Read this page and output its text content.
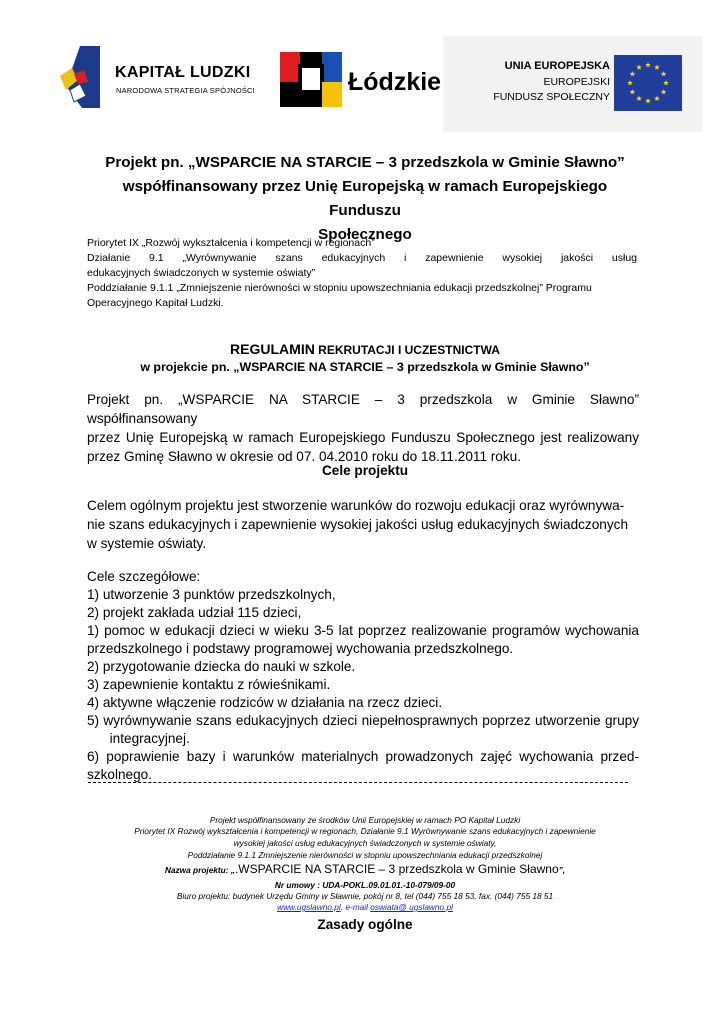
KAPITAŁ LUDZKI
NARODOWA STRATEGIA SPÓJNOŚCI	Łódzkie
UNIA EUROPEJSKA
EUROPEJSKI
FUNDUSZ SPOŁECZNY
Projekt pn. „WSPARCIE NA STARCIE – 3 przedszkola w Gminie Sławno”
współfinansowany przez Unię Europejską w ramach Europejskiego Funduszu
Społecznego
Priorytet IX „Rozwój wykształcenia i kompetencji w regionach”
Działanie 9.1 „Wyrównywanie szans edukacyjnych i zapewnienie wysokiej jakości usług
edukacyjnych świadczonych w systemie oświaty”
Poddziałanie 9.1.1 „Zmniejszenie nierówności w stopniu upowszechniania edukacji przedszkolnej” Programu
Operacyjnego Kapitał Ludzki.
REGULAMIN REKRUTACJI I UCZESTNICTWA
w projekcie pn. „WSPARCIE NA STARCIE – 3 przedszkola w Gminie Sławno”
Projekt pn. „WSPARCIE NA STARCIE – 3 przedszkola w Gminie Sławno” współfinansowany
przez Unię Europejską w ramach Europejskiego Funduszu Społecznego jest realizowany
przez Gminę Sławno w okresie od 07. 04.2010 roku do 18.11.2011 roku.
Cele projektu
Celem ogólnym projektu jest stworzenie warunków do rozwoju edukacji oraz wyrównywa-
nie szans edukacyjnych i zapewnienie wysokiej jakości usług edukacyjnych świadczonych
w systemie oświaty.
Cele szczegółowe:
1) utworzenie 3 punktów przedszkolnych,
2) projekt zakłada udział 115 dzieci,
1) pomoc w edukacji dzieci w wieku 3-5 lat poprzez realizowanie programów wychowania
przedszkolnego i podstawy programowej wychowania przedszkolnego.
2) przygotowanie dziecka do nauki w szkole.
3) zapewnienie kontaktu z rówieśnikami.
4) aktywne włączenie rodziców w działania na rzecz dzieci.
5) wyrównywanie szans edukacyjnych dzieci niepełnosprawnych poprzez utworzenie grupy
integracyjnej.
6) poprawienie bazy i warunków materialnych prowadzonych zajęć wychowania przed-
szkolnego.
Projekt współfinansowany ze środków Unii Europejskiej w ramach PO Kapitał Ludzki
Priorytet IX Rozwój wykształcenia i kompetencji w regionach, Działanie 9.1 Wyrównywanie szans edukacyjnych i zapewnienie
wysokiej jakości usług edukacyjnych świadczonych w systemie oświaty,
Poddziałanie 9.1.1 Zmniejszenie nierówności w stopniu upowszechniania edukacji przedszkolnej
Nazwa projektu: „.WSPARCIE NA STARCIE – 3 przedszkola w Gminie Sławno”,
Nr umowy : UDA-POKL.09.01.01.-10-079/09-00
Biuro projektu: budynek Urzędu Gminy w Sławnie, pokój nr 8, tel (044) 755 18 53, fax. (044) 755 18 51
www.ugslawno.pl, e-mail oswiata@ ugslawno.pl
Zasady ogólne
